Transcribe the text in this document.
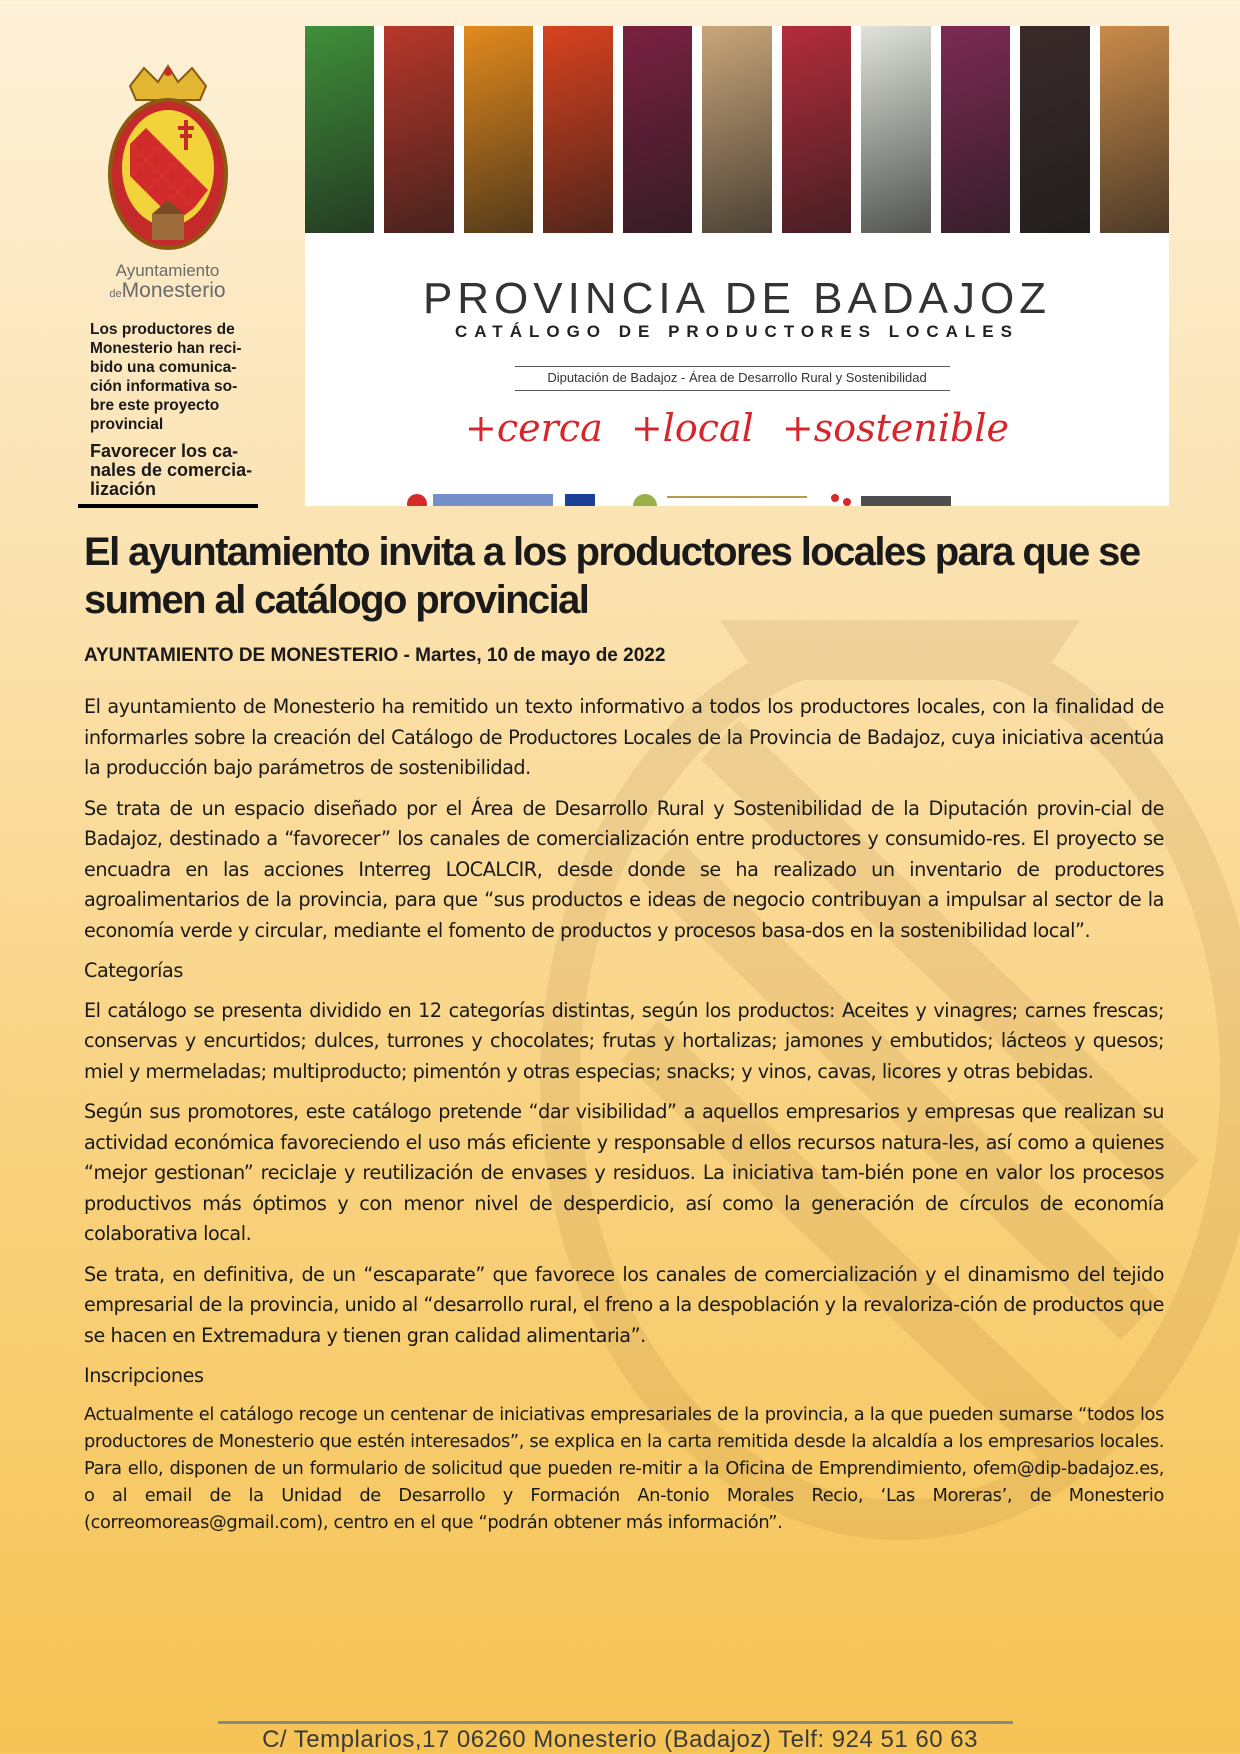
Ayuntamiento
deMonesterio
Los productores de Monesterio han reci-bido una comunica-ción informativa so-bre este proyecto provincial
Favorecer los ca-nales de comercia-lización
PROVINCIA DE BADAJOZ
CATÁLOGO DE PRODUCTORES LOCALES
Diputación de Badajoz - Área de Desarrollo Rural y Sostenibilidad
+cerca +local +sostenible
El ayuntamiento invita a los productores locales para que se sumen al catálogo provincial
AYUNTAMIENTO DE MONESTERIO - Martes, 10 de mayo de 2022

El ayuntamiento de Monesterio ha remitido un texto informativo a todos los productores locales, con la finalidad de informarles sobre la creación del Catálogo de Productores Locales de la Provincia de Badajoz, cuya iniciativa acentúa la producción bajo parámetros de sostenibilidad.

Se trata de un espacio diseñado por el Área de Desarrollo Rural y Sostenibilidad de la Diputación provin-cial de Badajoz, destinado a “favorecer” los canales de comercialización entre productores y consumido-res. El proyecto se encuadra en las acciones Interreg LOCALCIR, desde donde se ha realizado un inventario de productores agroalimentarios de la provincia, para que “sus productos e ideas de negocio contribuyan a impulsar al sector de la economía verde y circular, mediante el fomento de productos y procesos basa-dos en la sostenibilidad local”.

Categorías

El catálogo se presenta dividido en 12 categorías distintas, según los productos: Aceites y vinagres; carnes frescas; conservas y encurtidos; dulces, turrones y chocolates; frutas y hortalizas; jamones y embutidos; lácteos y quesos; miel y mermeladas; multiproducto; pimentón y otras especias; snacks; y vinos, cavas, licores y otras bebidas.

Según sus promotores, este catálogo pretende “dar visibilidad” a aquellos empresarios y empresas que realizan su actividad económica favoreciendo el uso más eficiente y responsable d ellos recursos natura-les, así como a quienes “mejor gestionan” reciclaje y reutilización de envases y residuos. La iniciativa tam-bién pone en valor los procesos productivos más óptimos y con menor nivel de desperdicio, así como la generación de círculos de economía colaborativa local.

Se trata, en definitiva, de un “escaparate” que favorece los canales de comercialización y el dinamismo del tejido empresarial de la provincia, unido al “desarrollo rural, el freno a la despoblación y la revaloriza-ción de productos que se hacen en Extremadura y tienen gran calidad alimentaria”.

Inscripciones

Actualmente el catálogo recoge un centenar de iniciativas empresariales de la provincia, a la que pueden sumarse “todos los productores de Monesterio que estén interesados”, se explica en la carta remitida desde la alcaldía a los empresarios locales. Para ello, disponen de un formulario de solicitud que pueden re-mitir a la Oficina de Emprendimiento, ofem@dip-badajoz.es, o al email de la Unidad de Desarrollo y Formación An-tonio Morales Recio, ‘Las Moreras’, de Monesterio (correomoreas@gmail.com), centro en el que “podrán obtener más información”.

C/ Templarios,17 06260 Monesterio (Badajoz) Telf: 924 51 60 63
